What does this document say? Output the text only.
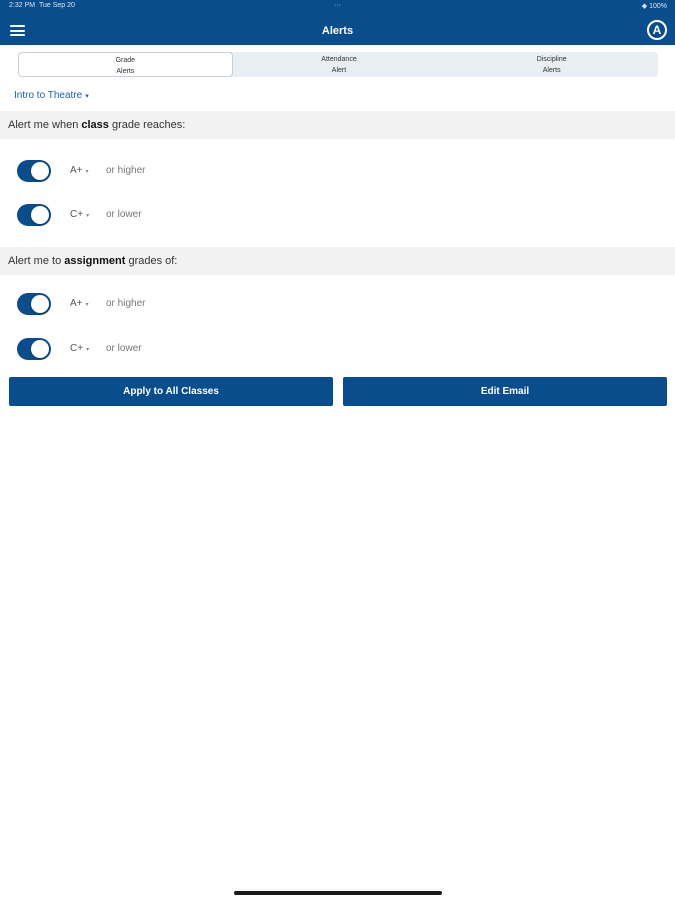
2:32 PM Tue Sep 20	···	◆ 100%
Alerts	A
Grade
Alerts
Attendance
Alert
Discipline
Alerts
Intro to Theatre ▾
Alert me when class grade reaches:
A+ ▾ or higher
C+ ▾ or lower
Alert me to assignment grades of:
A+ ▾ or higher
C+ ▾ or lower
Apply to All Classes	Edit Email
